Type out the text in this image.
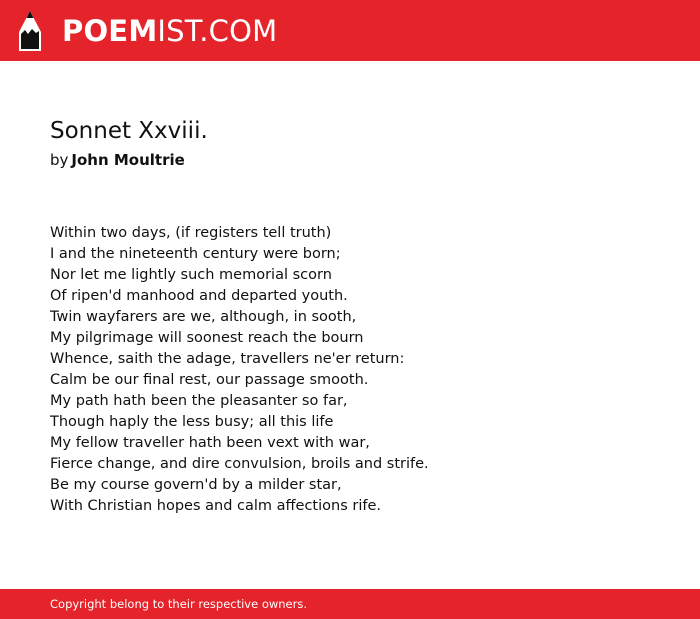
POEMIST.COM
Sonnet Xxviii.
by John Moultrie
Within two days, (if registers tell truth)
I and the nineteenth century were born;
Nor let me lightly such memorial scorn
Of ripen'd manhood and departed youth.
Twin wayfarers are we, although, in sooth,
My pilgrimage will soonest reach the bourn
Whence, saith the adage, travellers ne'er return:
Calm be our final rest, our passage smooth.
My path hath been the pleasanter so far,
Though haply the less busy; all this life
My fellow traveller hath been vext with war,
Fierce change, and dire convulsion, broils and strife.
Be my course govern'd by a milder star,
With Christian hopes and calm affections rife.
Copyright belong to their respective owners.
